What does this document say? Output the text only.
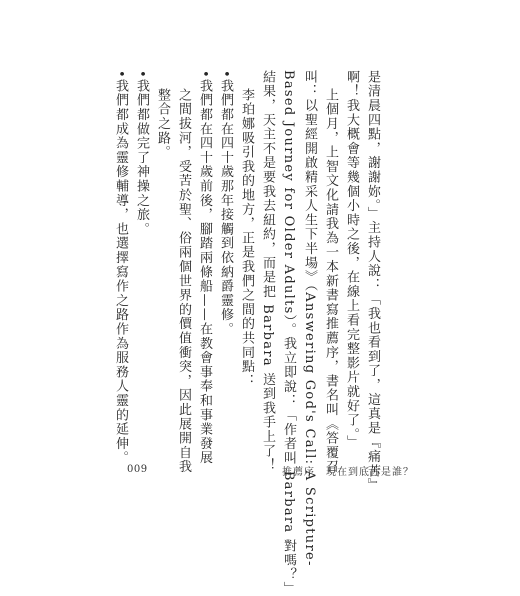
是清晨四點，謝謝妳。」主持人說：「我也看到了，這真是『痛苦』
啊！我大概會等幾個小時之後，在線上看完整影片就好了。」
上個月，上智文化請我為一本新書寫推薦序，書名叫《答覆召
叫：以聖經開啟精采人生下半場》（Answering God's Call: A Scripture-
Based Journey for Older Adults）。我立即說：「作者叫 Barbara 對嗎？」
結果，天主不是要我去紐約，而是把 Barbara 送到我手上了！
李珀娜吸引我的地方，正是我們之間的共同點：
•我們都在四十歲那年接觸到依納爵靈修。
•我們都在四十歲前後，腳踏兩條船——在教會事奉和事業發展
之間拔河，受苦於聖、俗兩個世界的價值衝突，因此展開自我
整合之路。
•我們都做完了神操之旅。
•我們都成為靈修輔導，也選擇寫作之路作為服務人靈的延伸。
009	推薦序　現在到底你是誰？
